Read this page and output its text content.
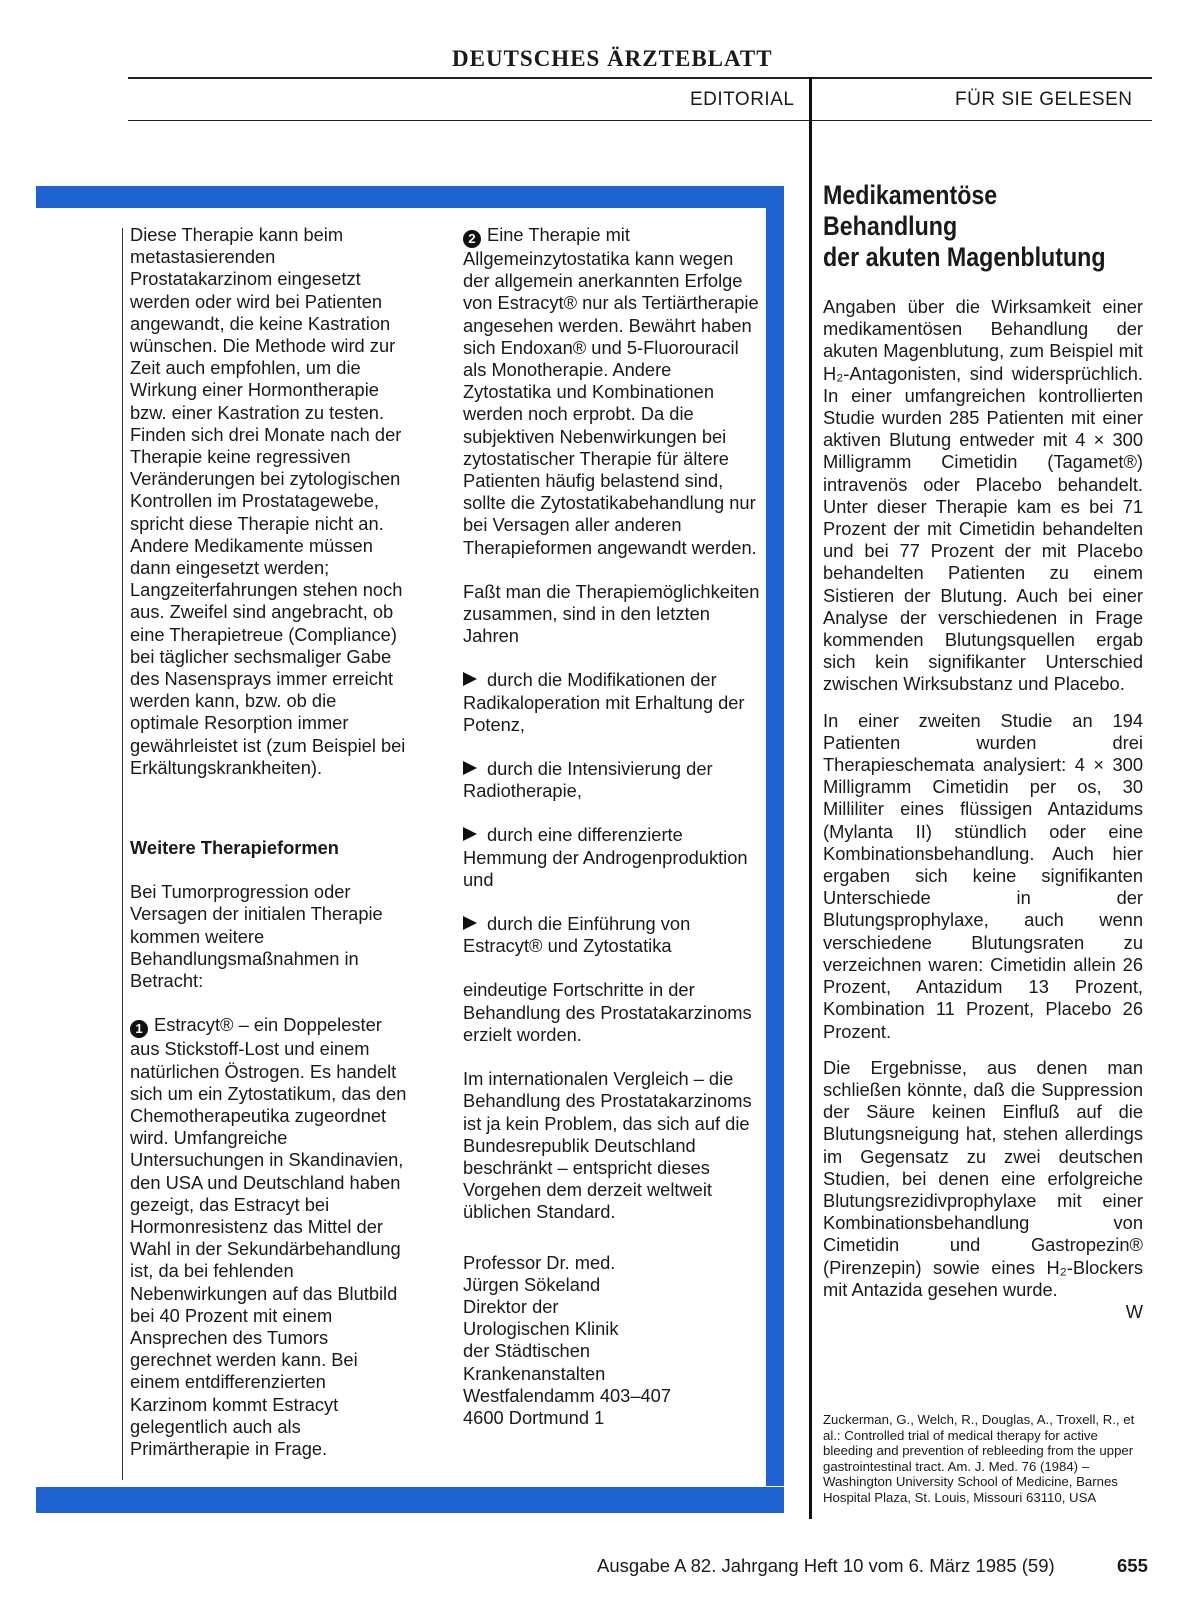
DEUTSCHES ÄRZTEBLATT
EDITORIAL	FÜR SIE GELESEN

Diese Therapie kann beim metastasierenden Prostatakarzinom eingesetzt werden oder wird bei Patienten angewandt, die keine Kastration wünschen. Die Methode wird zur Zeit auch empfohlen, um die Wirkung einer Hormontherapie bzw. einer Kastration zu testen. Finden sich drei Monate nach der Therapie keine regressiven Veränderungen bei zytologischen Kontrollen im Prostatagewebe, spricht diese Therapie nicht an. Andere Medikamente müssen dann eingesetzt werden; Langzeiterfahrungen stehen noch aus. Zweifel sind angebracht, ob eine Therapietreue (Compliance) bei täglicher sechsmaliger Gabe des Nasensprays immer erreicht werden kann, bzw. ob die optimale Resorption immer gewährleistet ist (zum Beispiel bei Erkältungskrankheiten).

Weitere Therapieformen

Bei Tumorprogression oder Versagen der initialen Therapie kommen weitere Behandlungsmaßnahmen in Betracht:

1 Estracyt® – ein Doppelester aus Stickstoff-Lost und einem natürlichen Östrogen. Es handelt sich um ein Zytostatikum, das den Chemotherapeutika zugeordnet wird. Umfangreiche Untersuchungen in Skandinavien, den USA und Deutschland haben gezeigt, das Estracyt bei Hormonresistenz das Mittel der Wahl in der Sekundärbehandlung ist, da bei fehlenden Nebenwirkungen auf das Blutbild bei 40 Prozent mit einem Ansprechen des Tumors gerechnet werden kann. Bei einem entdifferenzierten Karzinom kommt Estracyt gelegentlich auch als Primärtherapie in Frage.

2 Eine Therapie mit Allgemeinzytostatika kann wegen der allgemein anerkannten Erfolge von Estracyt® nur als Tertiärtherapie angesehen werden. Bewährt haben sich Endoxan® und 5-Fluorouracil als Monotherapie. Andere Zytostatika und Kombinationen werden noch erprobt. Da die subjektiven Nebenwirkungen bei zytostatischer Therapie für ältere Patienten häufig belastend sind, sollte die Zytostatikabehandlung nur bei Versagen aller anderen Therapieformen angewandt werden.

Faßt man die Therapiemöglichkeiten zusammen, sind in den letzten Jahren

durch die Modifikationen der Radikaloperation mit Erhaltung der Potenz,

durch die Intensivierung der Radiotherapie,

durch eine differenzierte Hemmung der Androgenproduktion und

durch die Einführung von Estracyt® und Zytostatika

eindeutige Fortschritte in der Behandlung des Prostatakarzinoms erzielt worden.

Im internationalen Vergleich – die Behandlung des Prostatakarzinoms ist ja kein Problem, das sich auf die Bundesrepublik Deutschland beschränkt – entspricht dieses Vorgehen dem derzeit weltweit üblichen Standard.

Professor Dr. med.
Jürgen Sökeland
Direktor der
Urologischen Klinik
der Städtischen
Krankenanstalten
Westfalendamm 403–407
4600 Dortmund 1
Medikamentöse
Behandlung
der akuten Magenblutung

Angaben über die Wirksamkeit einer medikamentösen Behandlung der akuten Magenblutung, zum Beispiel mit H₂-Antagonisten, sind widersprüchlich. In einer umfangreichen kontrollierten Studie wurden 285 Patienten mit einer aktiven Blutung entweder mit 4 × 300 Milligramm Cimetidin (Tagamet®) intravenös oder Placebo behandelt. Unter dieser Therapie kam es bei 71 Prozent der mit Cimetidin behandelten und bei 77 Prozent der mit Placebo behandelten Patienten zu einem Sistieren der Blutung. Auch bei einer Analyse der verschiedenen in Frage kommenden Blutungsquellen ergab sich kein signifikanter Unterschied zwischen Wirksubstanz und Placebo.

In einer zweiten Studie an 194 Patienten wurden drei Therapieschemata analysiert: 4 × 300 Milligramm Cimetidin per os, 30 Milliliter eines flüssigen Antazidums (Mylanta II) stündlich oder eine Kombinationsbehandlung. Auch hier ergaben sich keine signifikanten Unterschiede in der Blutungsprophylaxe, auch wenn verschiedene Blutungsraten zu verzeichnen waren: Cimetidin allein 26 Prozent, Antazidum 13 Prozent, Kombination 11 Prozent, Placebo 26 Prozent.

Die Ergebnisse, aus denen man schließen könnte, daß die Suppression der Säure keinen Einfluß auf die Blutungsneigung hat, stehen allerdings im Gegensatz zu zwei deutschen Studien, bei denen eine erfolgreiche Blutungsrezidivprophylaxe mit einer Kombinationsbehandlung von Cimetidin und Gastropezin® (Pirenzepin) sowie eines H₂-Blockers mit Antazida gesehen wurde.

W
Zuckerman, G., Welch, R., Douglas, A., Troxell, R., et al.: Controlled trial of medical therapy for active bleeding and prevention of rebleeding from the upper gastrointestinal tract. Am. J. Med. 76 (1984) – Washington University School of Medicine, Barnes Hospital Plaza, St. Louis, Missouri 63110, USA
Ausgabe A 82. Jahrgang Heft 10 vom 6. März 1985 (59)	655
